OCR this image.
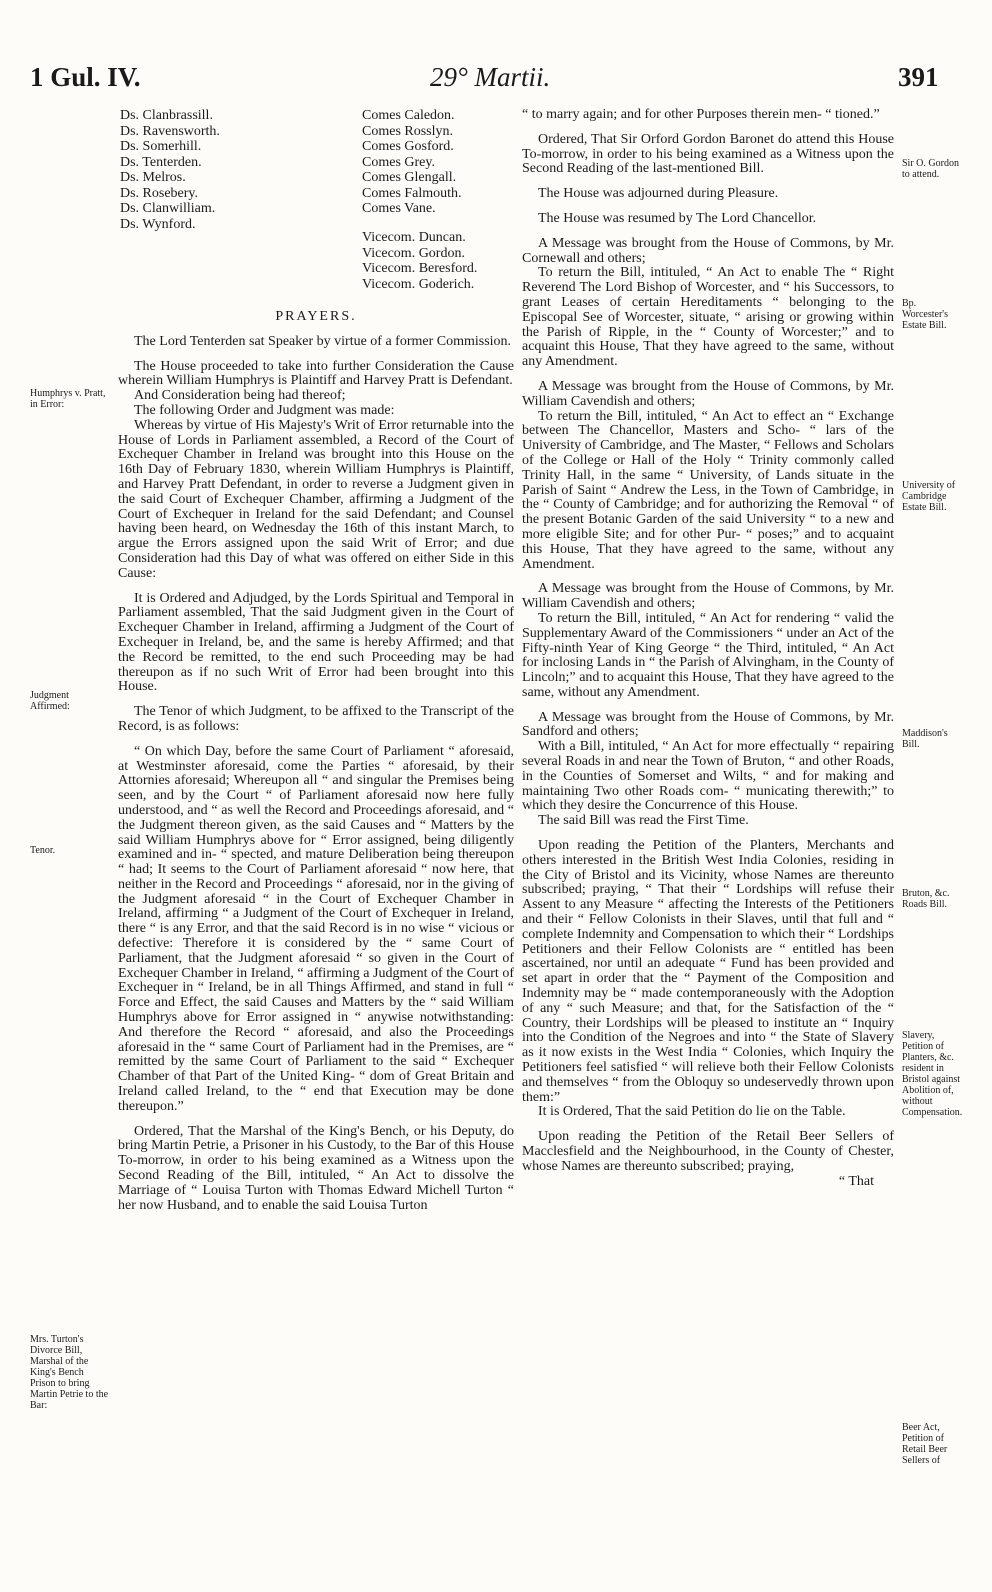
1 Gul. IV.	29° Martii.	391
Ds. Clanbrassill.
Ds. Ravensworth.
Ds. Somerhill.
Ds. Tenterden.
Ds. Melros.
Ds. Rosebery.
Ds. Clanwilliam.
Ds. Wynford.
Comes Caledon.
Comes Rosslyn.
Comes Gosford.
Comes Grey.
Comes Glengall.
Comes Falmouth.
Comes Vane.
Vicecom. Duncan.
Vicecom. Gordon.
Vicecom. Beresford.
Vicecom. Goderich.
Humphrys v. Pratt, in Error:
Judgment Affirmed:
Tenor.
Mrs. Turton's Divorce Bill, Marshal of the King's Bench Prison to bring Martin Petrie to the Bar:

PRAYERS.

The Lord Tenterden sat Speaker by virtue of a former Commission.

The House proceeded to take into further Consideration the Cause wherein William Humphrys is Plaintiff and Harvey Pratt is Defendant.

And Consideration being had thereof;

The following Order and Judgment was made:

Whereas by virtue of His Majesty's Writ of Error returnable into the House of Lords in Parliament assembled, a Record of the Court of Exchequer Chamber in Ireland was brought into this House on the 16th Day of February 1830, wherein William Humphrys is Plaintiff, and Harvey Pratt Defendant, in order to reverse a Judgment given in the said Court of Exchequer Chamber, affirming a Judgment of the Court of Exchequer in Ireland for the said Defendant; and Counsel having been heard, on Wednesday the 16th of this instant March, to argue the Errors assigned upon the said Writ of Error; and due Consideration had this Day of what was offered on either Side in this Cause:

It is Ordered and Adjudged, by the Lords Spiritual and Temporal in Parliament assembled, That the said Judgment given in the Court of Exchequer Chamber in Ireland, affirming a Judgment of the Court of Exchequer in Ireland, be, and the same is hereby Affirmed; and that the Record be remitted, to the end such Proceeding may be had thereupon as if no such Writ of Error had been brought into this House.

The Tenor of which Judgment, to be affixed to the Transcript of the Record, is as follows:

“ On which Day, before the same Court of Parliament “ aforesaid, at Westminster aforesaid, come the Parties “ aforesaid, by their Attornies aforesaid; Whereupon all “ and singular the Premises being seen, and by the Court “ of Parliament aforesaid now here fully understood, and “ as well the Record and Proceedings aforesaid, and “ the Judgment thereon given, as the said Causes and “ Matters by the said William Humphrys above for “ Error assigned, being diligently examined and in- “ spected, and mature Deliberation being thereupon “ had; It seems to the Court of Parliament aforesaid “ now here, that neither in the Record and Proceedings “ aforesaid, nor in the giving of the Judgment aforesaid “ in the Court of Exchequer Chamber in Ireland, affirming “ a Judgment of the Court of Exchequer in Ireland, there “ is any Error, and that the said Record is in no wise “ vicious or defective: Therefore it is considered by the “ same Court of Parliament, that the Judgment aforesaid “ so given in the Court of Exchequer Chamber in Ireland, “ affirming a Judgment of the Court of Exchequer in “ Ireland, be in all Things Affirmed, and stand in full “ Force and Effect, the said Causes and Matters by the “ said William Humphrys above for Error assigned in “ anywise notwithstanding: And therefore the Record “ aforesaid, and also the Proceedings aforesaid in the “ same Court of Parliament had in the Premises, are “ remitted by the same Court of Parliament to the said “ Exchequer Chamber of that Part of the United King- “ dom of Great Britain and Ireland called Ireland, to the “ end that Execution may be done thereupon.”

Ordered, That the Marshal of the King's Bench, or his Deputy, do bring Martin Petrie, a Prisoner in his Custody, to the Bar of this House To-morrow, in order to his being examined as a Witness upon the Second Reading of the Bill, intituled, “ An Act to dissolve the Marriage of “ Louisa Turton with Thomas Edward Michell Turton “ her now Husband, and to enable the said Louisa Turton

“ to marry again; and for other Purposes therein men- “ tioned.”

Ordered, That Sir Orford Gordon Baronet do attend this House To-morrow, in order to his being examined as a Witness upon the Second Reading of the last-mentioned Bill.

The House was adjourned during Pleasure.

The House was resumed by The Lord Chancellor.

A Message was brought from the House of Commons, by Mr. Cornewall and others;

To return the Bill, intituled, “ An Act to enable The “ Right Reverend The Lord Bishop of Worcester, and “ his Successors, to grant Leases of certain Hereditaments “ belonging to the Episcopal See of Worcester, situate, “ arising or growing within the Parish of Ripple, in the “ County of Worcester;” and to acquaint this House, That they have agreed to the same, without any Amendment.

A Message was brought from the House of Commons, by Mr. William Cavendish and others;

To return the Bill, intituled, “ An Act to effect an “ Exchange between The Chancellor, Masters and Scho- “ lars of the University of Cambridge, and The Master, “ Fellows and Scholars of the College or Hall of the Holy “ Trinity commonly called Trinity Hall, in the same “ University, of Lands situate in the Parish of Saint “ Andrew the Less, in the Town of Cambridge, in the “ County of Cambridge; and for authorizing the Removal “ of the present Botanic Garden of the said University “ to a new and more eligible Site; and for other Pur- “ poses;” and to acquaint this House, That they have agreed to the same, without any Amendment.

A Message was brought from the House of Commons, by Mr. William Cavendish and others;

To return the Bill, intituled, “ An Act for rendering “ valid the Supplementary Award of the Commissioners “ under an Act of the Fifty-ninth Year of King George “ the Third, intituled, “ An Act for inclosing Lands in “ the Parish of Alvingham, in the County of Lincoln;” and to acquaint this House, That they have agreed to the same, without any Amendment.

A Message was brought from the House of Commons, by Mr. Sandford and others;

With a Bill, intituled, “ An Act for more effectually “ repairing several Roads in and near the Town of Bruton, “ and other Roads, in the Counties of Somerset and Wilts, “ and for making and maintaining Two other Roads com- “ municating therewith;” to which they desire the Concurrence of this House.

The said Bill was read the First Time.

Upon reading the Petition of the Planters, Merchants and others interested in the British West India Colonies, residing in the City of Bristol and its Vicinity, whose Names are thereunto subscribed; praying, “ That their “ Lordships will refuse their Assent to any Measure “ affecting the Interests of the Petitioners and their “ Fellow Colonists in their Slaves, until that full and “ complete Indemnity and Compensation to which their “ Lordships Petitioners and their Fellow Colonists are “ entitled has been ascertained, nor until an adequate “ Fund has been provided and set apart in order that the “ Payment of the Composition and Indemnity may be “ made contemporaneously with the Adoption of any “ such Measure; and that, for the Satisfaction of the “ Country, their Lordships will be pleased to institute an “ Inquiry into the Condition of the Negroes and into “ the State of Slavery as it now exists in the West India “ Colonies, which Inquiry the Petitioners feel satisfied “ will relieve both their Fellow Colonists and themselves “ from the Obloquy so undeservedly thrown upon them:”

It is Ordered, That the said Petition do lie on the Table.

Upon reading the Petition of the Retail Beer Sellers of Macclesfield and the Neighbourhood, in the County of Chester, whose Names are thereunto subscribed; praying,

“ That

Sir O. Gordon to attend.
Bp. Worcester's Estate Bill.
University of Cambridge Estate Bill.
Maddison's Bill.
Bruton, &c. Roads Bill.
Slavery, Petition of Planters, &c. resident in Bristol against Abolition of, without Compensation.
Beer Act, Petition of Retail Beer Sellers of
